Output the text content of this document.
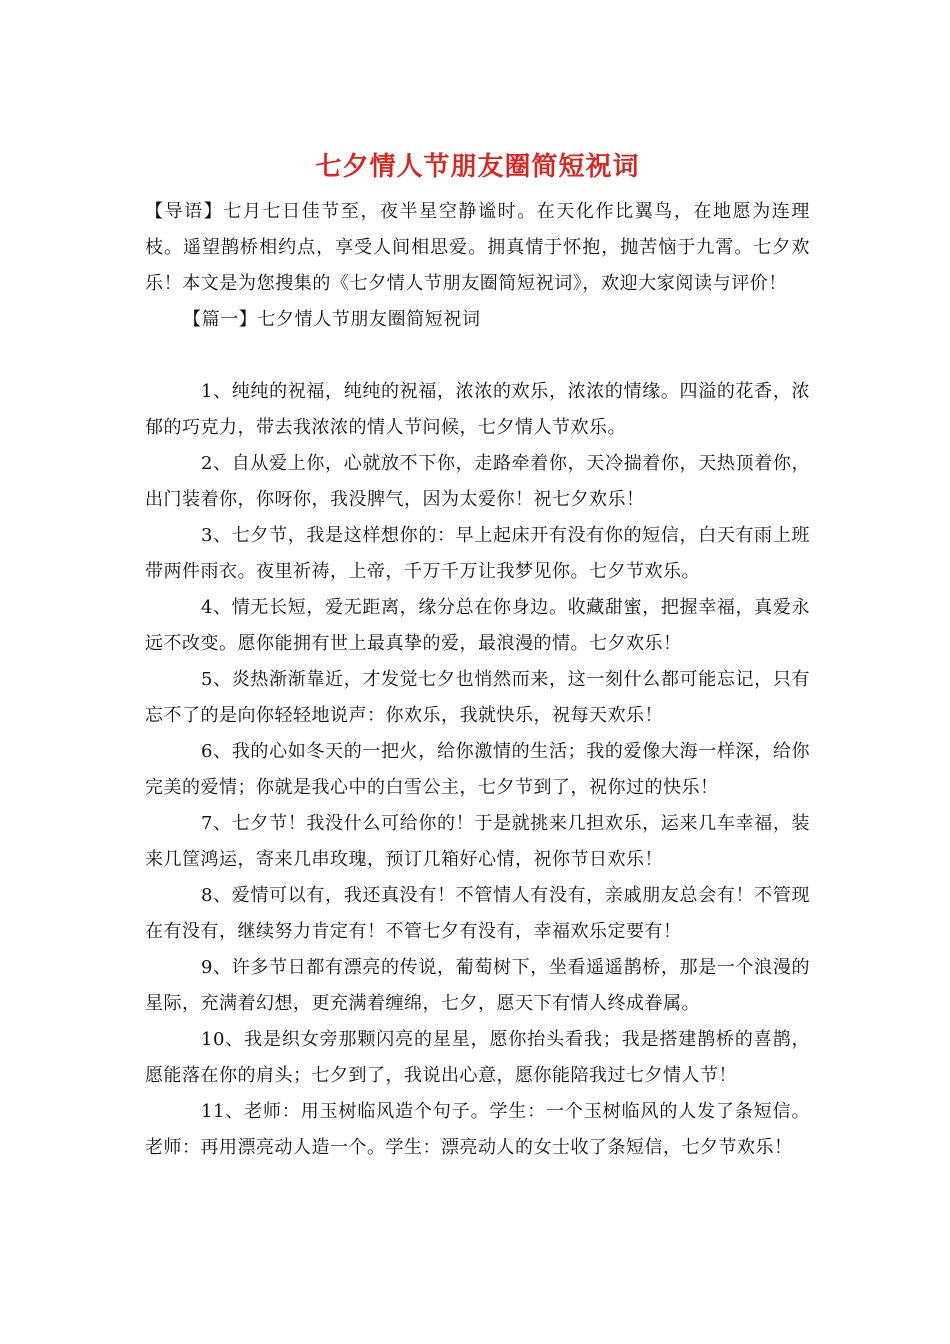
七夕情人节朋友圈简短祝词

【导语】七月七日佳节至，夜半星空静谧时。在天化作比翼鸟，在地愿为连理枝。遥望鹊桥相约点，享受人间相思爱。拥真情于怀抱，抛苦恼于九霄。七夕欢乐！本文是为您搜集的《七夕情人节朋友圈简短祝词》，欢迎大家阅读与评价！

【篇一】七夕情人节朋友圈简短祝词

1、纯纯的祝福，纯纯的祝福，浓浓的欢乐，浓浓的情缘。四溢的花香，浓郁的巧克力，带去我浓浓的情人节问候，七夕情人节欢乐。

2、自从爱上你，心就放不下你，走路牵着你，天冷揣着你，天热顶着你，出门装着你，你呀你，我没脾气，因为太爱你！祝七夕欢乐！

3、七夕节，我是这样想你的：早上起床开有没有你的短信，白天有雨上班带两件雨衣。夜里祈祷，上帝，千万千万让我梦见你。七夕节欢乐。

4、情无长短，爱无距离，缘分总在你身边。收藏甜蜜，把握幸福，真爱永远不改变。愿你能拥有世上最真挚的爱，最浪漫的情。七夕欢乐！

5、炎热渐渐靠近，才发觉七夕也悄然而来，这一刻什么都可能忘记，只有忘不了的是向你轻轻地说声：你欢乐，我就快乐，祝每天欢乐！

6、我的心如冬天的一把火，给你激情的生活；我的爱像大海一样深，给你完美的爱情；你就是我心中的白雪公主，七夕节到了，祝你过的快乐！

7、七夕节！我没什么可给你的！于是就挑来几担欢乐，运来几车幸福，装来几筐鸿运，寄来几串玫瑰，预订几箱好心情，祝你节日欢乐！

8、爱情可以有，我还真没有！不管情人有没有，亲戚朋友总会有！不管现在有没有，继续努力肯定有！不管七夕有没有，幸福欢乐定要有！

9、许多节日都有漂亮的传说，葡萄树下，坐看遥遥鹊桥，那是一个浪漫的星际，充满着幻想，更充满着缠绵，七夕，愿天下有情人终成眷属。

10、我是织女旁那颗闪亮的星星，愿你抬头看我；我是搭建鹊桥的喜鹊，愿能落在你的肩头；七夕到了，我说出心意，愿你能陪我过七夕情人节！

11、老师：用玉树临风造个句子。学生：一个玉树临风的人发了条短信。老师：再用漂亮动人造一个。学生：漂亮动人的女士收了条短信，七夕节欢乐！
